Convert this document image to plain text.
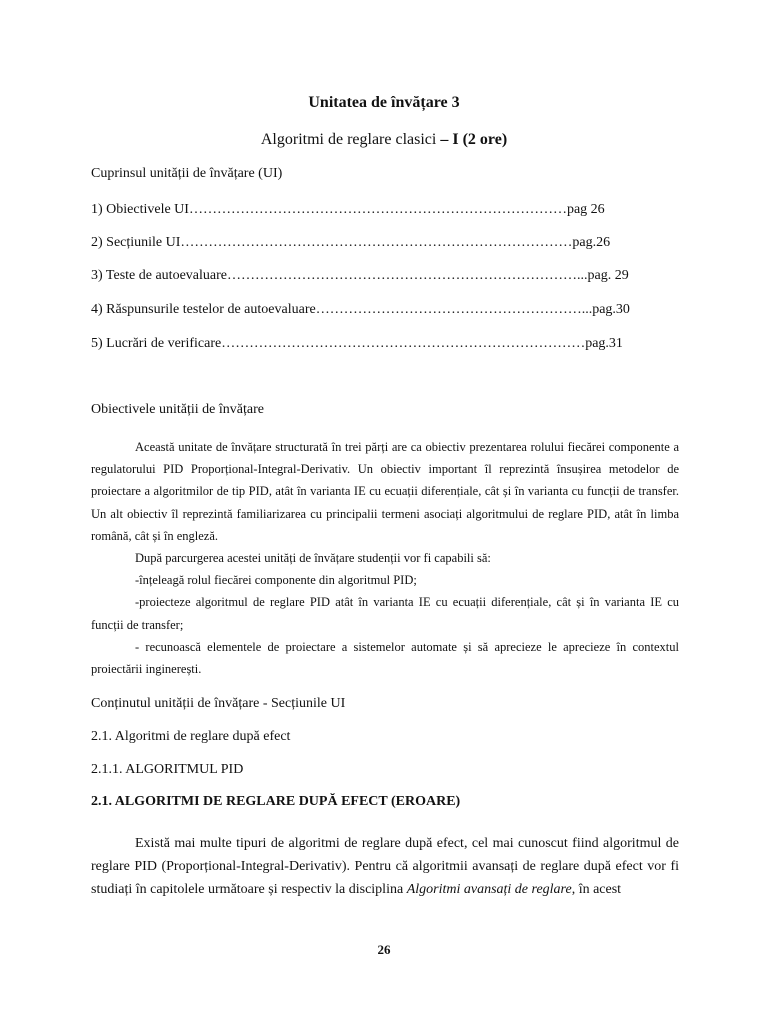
Unitatea de învățare 3
Algoritmi de reglare clasici – I (2 ore)
Cuprinsul unității de învățare (UI)
1) Obiectivele UI………………………………………………………………………pag 26
2) Secțiunile UI…………………………………………………………………………pag.26
3) Teste de autoevaluare…………………………………………………………………...pag. 29
4) Răspunsurile testelor de autoevaluare…………………………………………………...pag.30
5) Lucrări de verificare……………………………………………………………………pag.31
Obiectivele unității de învățare

Această unitate de învățare structurată în trei părți are ca obiectiv prezentarea rolului fiecărei componente a regulatorului PID Proporțional-Integral-Derivativ. Un obiectiv important îl reprezintă însușirea metodelor de proiectare a algoritmilor de tip PID, atât în varianta IE cu ecuații diferențiale, cât și în varianta cu funcții de transfer. Un alt obiectiv îl reprezintă familiarizarea cu principalii termeni asociați algoritmului de reglare PID, atât în limba română, cât și în engleză.

După parcurgerea acestei unități de învățare studenții vor fi capabili să:

-înțeleagă rolul fiecărei componente din algoritmul PID;

-proiecteze algoritmul de reglare PID atât în varianta IE cu ecuații diferențiale, cât și în varianta IE cu funcții de transfer;

- recunoască elementele de proiectare a sistemelor automate și să aprecieze le aprecieze în contextul proiectării inginerești.

Conținutul unității de învățare - Secțiunile UI
2.1. Algoritmi de reglare după efect
2.1.1. ALGORITMUL PID
2.1. ALGORITMI DE REGLARE DUPĂ EFECT (EROARE)

Există mai multe tipuri de algoritmi de reglare după efect, cel mai cunoscut fiind algoritmul de reglare PID (Proporțional-Integral-Derivativ). Pentru că algoritmii avansați de reglare după efect vor fi studiați în capitolele următoare și respectiv la disciplina Algoritmi avansați de reglare, în acest

26
